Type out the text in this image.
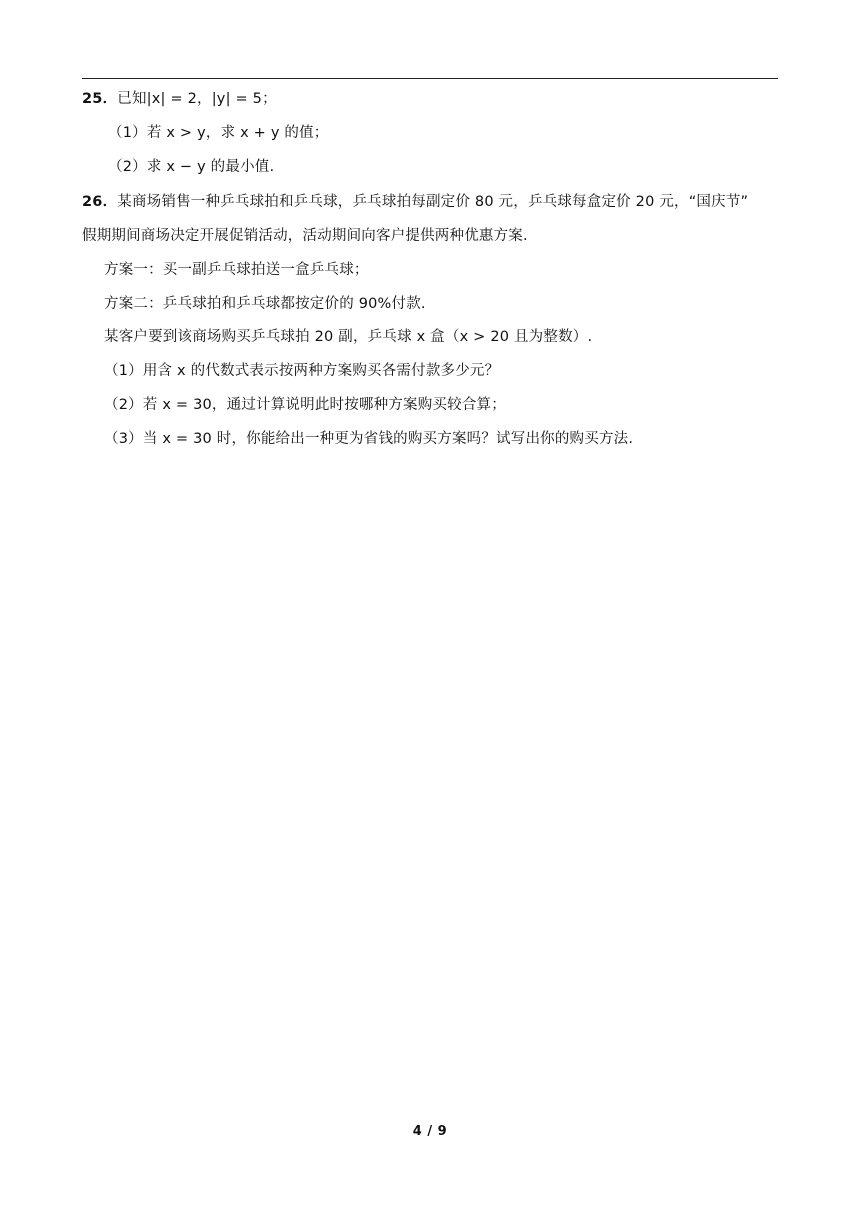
25．已知|x| = 2，|y| = 5；
（1）若 x > y，求 x + y 的值；
（2）求 x − y 的最小值.
26．某商场销售一种乒乓球拍和乒乓球，乒乓球拍每副定价 80 元，乒乓球每盒定价 20 元，“国庆节”
假期期间商场决定开展促销活动，活动期间向客户提供两种优惠方案.
方案一：买一副乒乓球拍送一盒乒乓球；
方案二：乒乓球拍和乒乓球都按定价的 90%付款.
某客户要到该商场购买乒乓球拍 20 副，乒乓球 x 盒（x > 20 且为整数）.
（1）用含 x 的代数式表示按两种方案购买各需付款多少元？
（2）若 x = 30，通过计算说明此时按哪种方案购买较合算；
（3）当 x = 30 时，你能给出一种更为省钱的购买方案吗？试写出你的购买方法.
4 / 9
